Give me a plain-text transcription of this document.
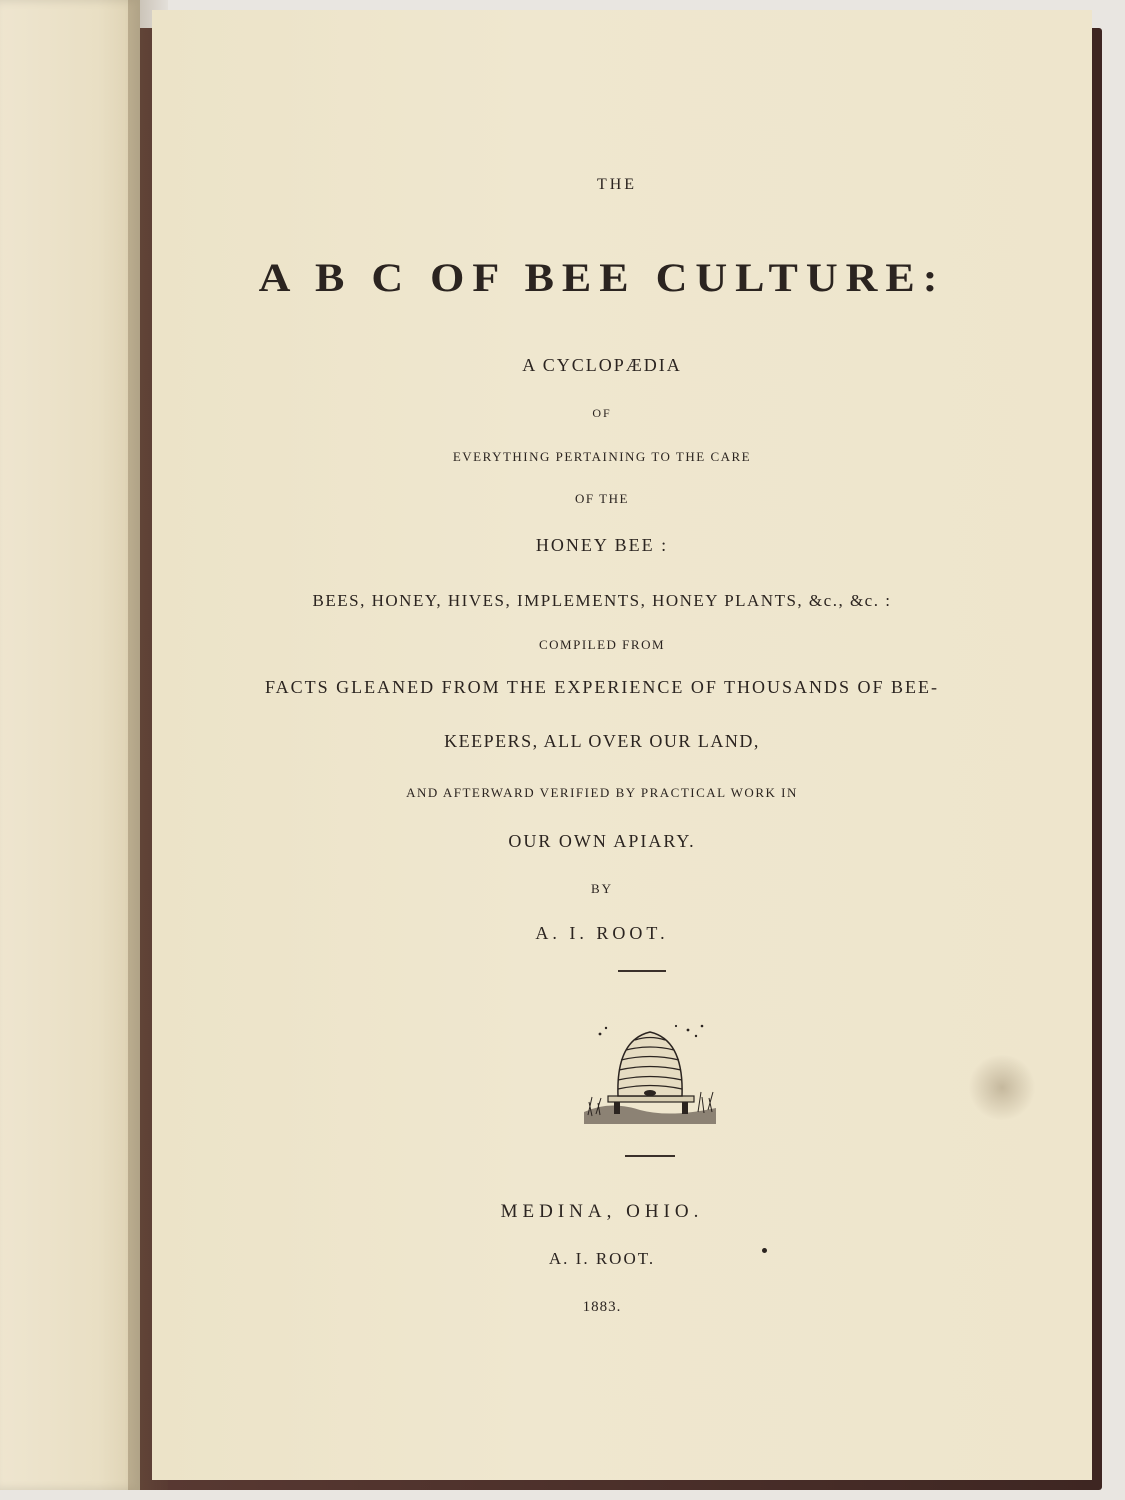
THE
A B C OF BEE CULTURE:
A CYCLOPÆDIA
OF
EVERYTHING PERTAINING TO THE CARE
OF THE
HONEY BEE :
BEES, HONEY, HIVES, IMPLEMENTS, HONEY PLANTS, &c., &c. :
COMPILED FROM
FACTS GLEANED FROM THE EXPERIENCE OF THOUSANDS OF BEE-
KEEPERS, ALL OVER OUR LAND,
AND AFTERWARD VERIFIED BY PRACTICAL WORK IN
OUR OWN APIARY.
BY
A. I. ROOT.
MEDINA, OHIO.
A. I. ROOT.
1883.
